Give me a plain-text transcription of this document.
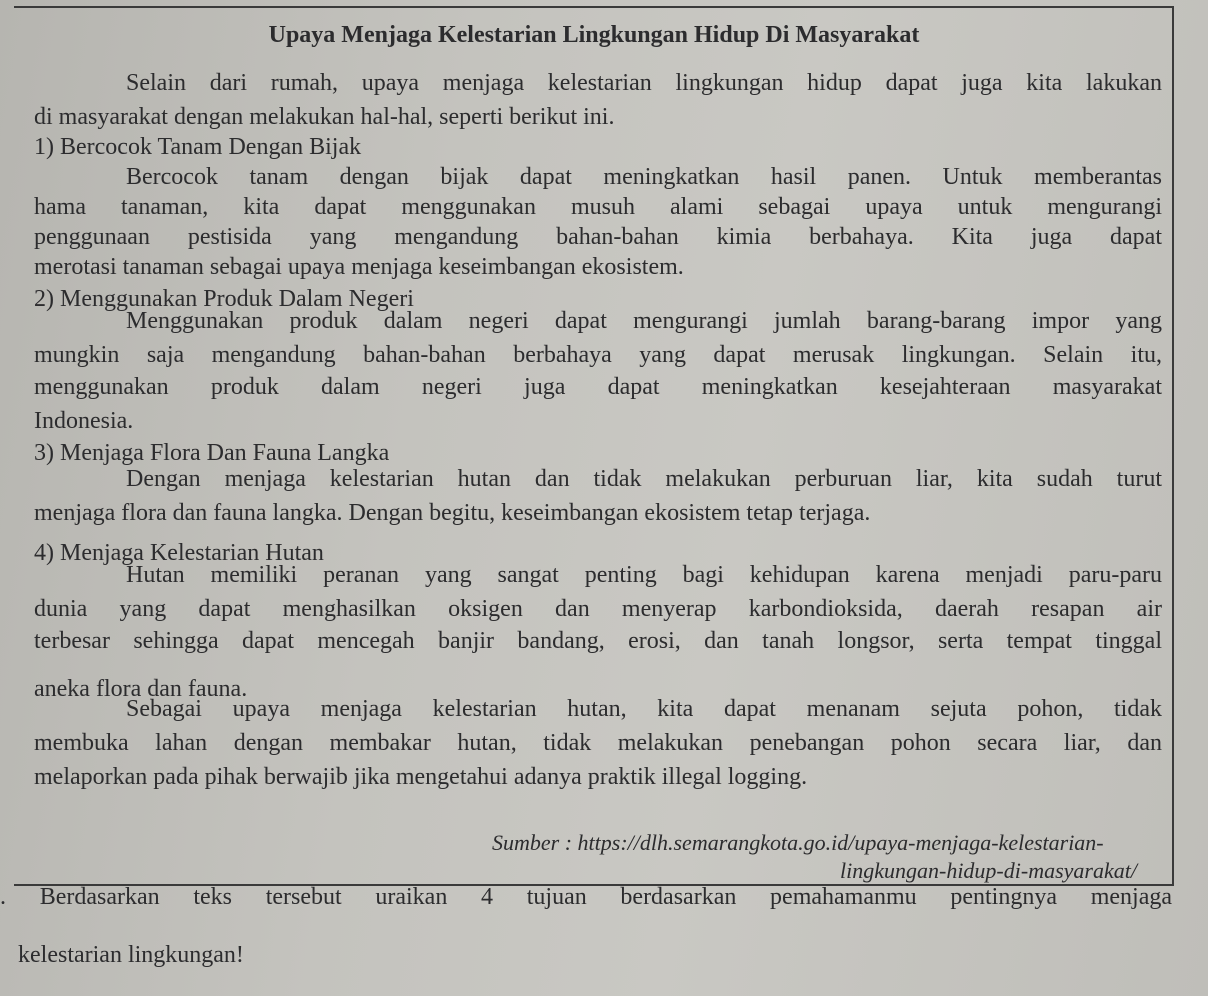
Upaya Menjaga Kelestarian Lingkungan Hidup Di Masyarakat
Selain dari rumah, upaya menjaga kelestarian lingkungan hidup dapat juga kita lakukan
di masyarakat dengan melakukan hal-hal, seperti berikut ini.
1) Bercocok Tanam Dengan Bijak
Bercocok tanam dengan bijak dapat meningkatkan hasil panen. Untuk memberantas
hama tanaman, kita dapat menggunakan musuh alami sebagai upaya untuk mengurangi
penggunaan pestisida yang mengandung bahan-bahan kimia berbahaya. Kita juga dapat
merotasi tanaman sebagai upaya menjaga keseimbangan ekosistem.
2) Menggunakan Produk Dalam Negeri
Menggunakan produk dalam negeri dapat mengurangi jumlah barang-barang impor yang
mungkin saja mengandung bahan-bahan berbahaya yang dapat merusak lingkungan. Selain itu,
menggunakan produk dalam negeri juga dapat meningkatkan kesejahteraan masyarakat
Indonesia.
3) Menjaga Flora Dan Fauna Langka
Dengan menjaga kelestarian hutan dan tidak melakukan perburuan liar, kita sudah turut
menjaga flora dan fauna langka. Dengan begitu, keseimbangan ekosistem tetap terjaga.
4) Menjaga Kelestarian Hutan
Hutan memiliki peranan yang sangat penting bagi kehidupan karena menjadi paru-paru
dunia yang dapat menghasilkan oksigen dan menyerap karbondioksida, daerah resapan air
terbesar sehingga dapat mencegah banjir bandang, erosi, dan tanah longsor, serta tempat tinggal
aneka flora dan fauna.
Sebagai upaya menjaga kelestarian hutan, kita dapat menanam sejuta pohon, tidak
membuka lahan dengan membakar hutan, tidak melakukan penebangan pohon secara liar, dan
melaporkan pada pihak berwajib jika mengetahui adanya praktik illegal logging.
Sumber : https://dlh.semarangkota.go.id/upaya-menjaga-kelestarian-
lingkungan-hidup-di-masyarakat/
. Berdasarkan teks tersebut uraikan 4 tujuan berdasarkan pemahamanmu pentingnya menjaga
kelestarian lingkungan!
